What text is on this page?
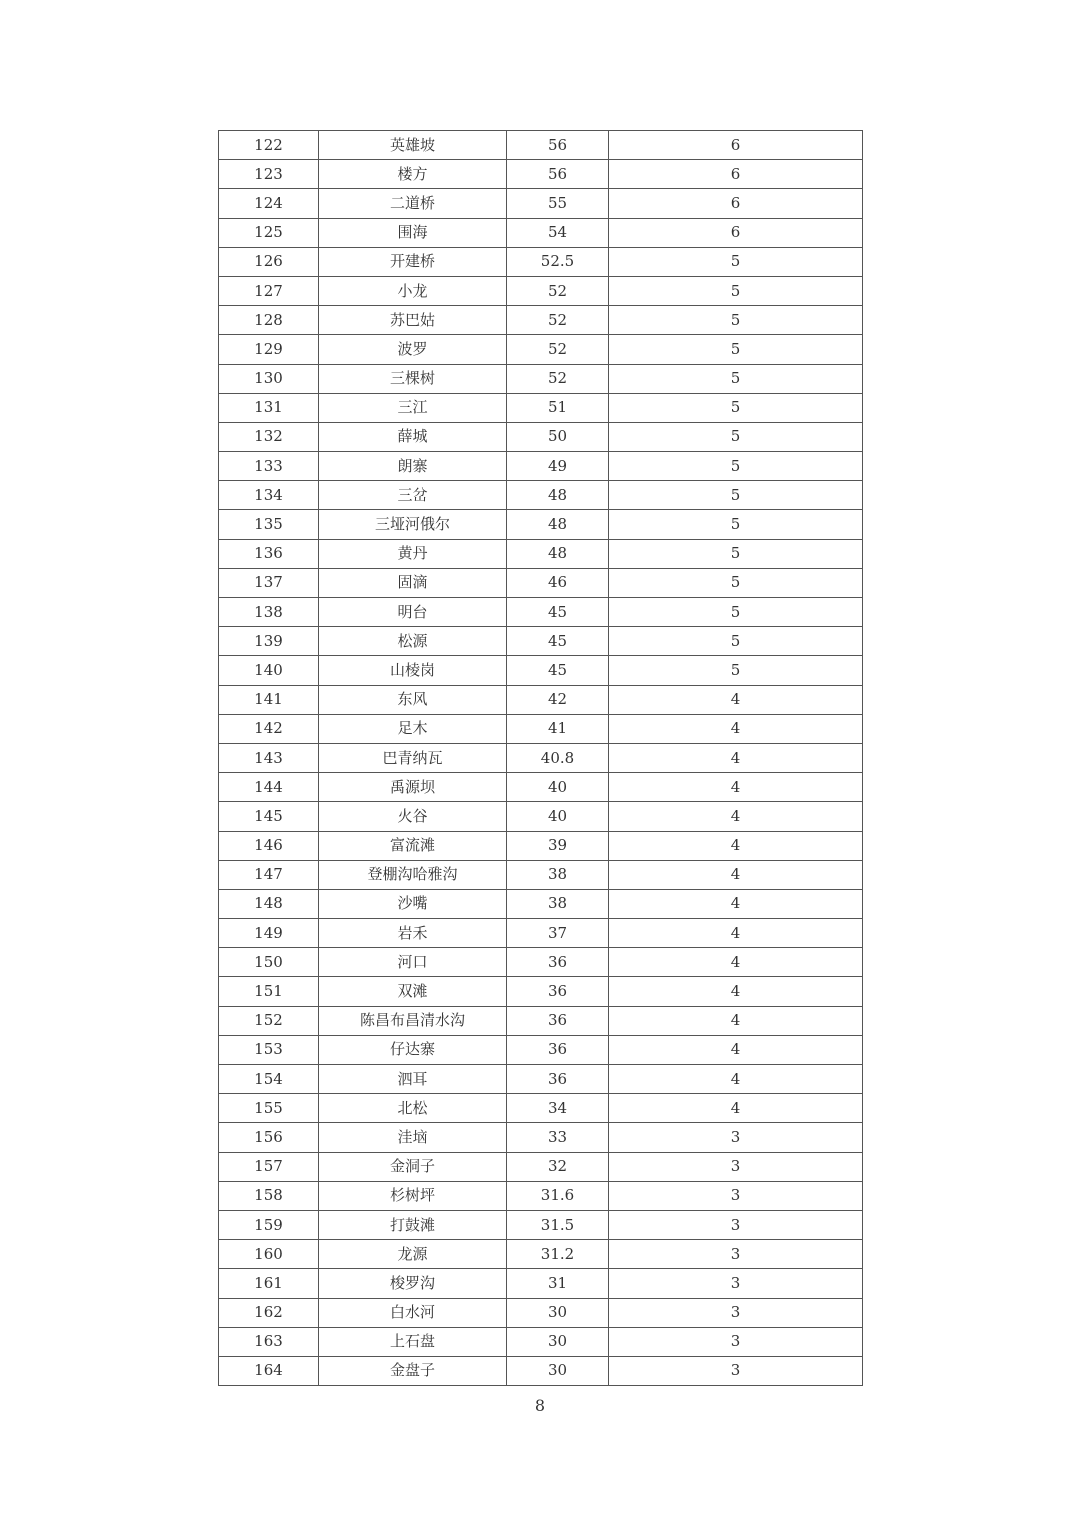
122	英雄坡	56	6
123	楼方	56	6
124	二道桥	55	6
125	围海	54	6
126	开建桥	52.5	5
127	小龙	52	5
128	苏巴姑	52	5
129	波罗	52	5
130	三棵树	52	5
131	三江	51	5
132	薛城	50	5
133	朗寨	49	5
134	三岔	48	5
135	三垭河俄尔	48	5
136	黄丹	48	5
137	固滴	46	5
138	明台	45	5
139	松源	45	5
140	山棱岗	45	5
141	东风	42	4
142	足木	41	4
143	巴青纳瓦	40.8	4
144	禹源坝	40	4
145	火谷	40	4
146	富流滩	39	4
147	登棚沟哈雅沟	38	4
148	沙嘴	38	4
149	岩禾	37	4
150	河口	36	4
151	双滩	36	4
152	陈昌布昌清水沟	36	4
153	仔达寨	36	4
154	泗耳	36	4
155	北松	34	4
156	洼垴	33	3
157	金洞子	32	3
158	杉树坪	31.6	3
159	打鼓滩	31.5	3
160	龙源	31.2	3
161	梭罗沟	31	3
162	白水河	30	3
163	上石盘	30	3
164	金盘子	30	3
8
